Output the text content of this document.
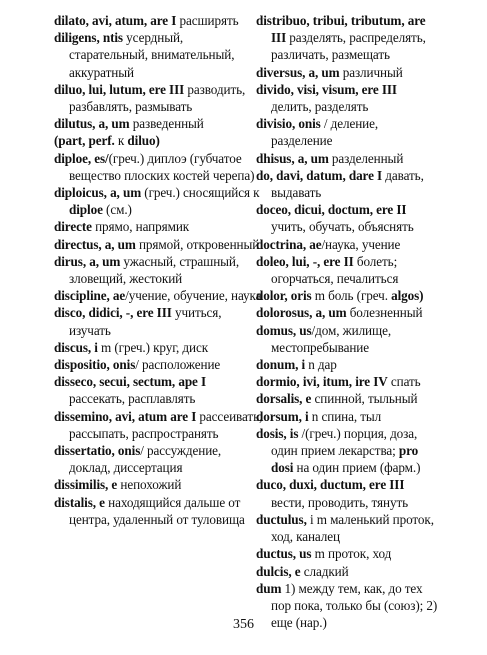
dilato, avi, atum, are I расширять
diligens, ntis усердный, старательный, внимательный, аккуратный
diluo, lui, lutum, ere III разводить, разбавлять, размывать
dilutus, a, um разведенный
(part, perf. к diluo)
diploe, es/(греч.) диплоэ (губчатое вещество плоских костей черепа)
diploicus, a, um (греч.) сносящийся к diploe (см.)
directe прямо, напрямик
directus, a, um прямой, откровенный
dirus, a, um ужасный, страшный, зловещий, жестокий
discipline, ae/учение, обучение, наука
disco, didici, -, ere III учиться, изучать
discus, i m (греч.) круг, диск
dispositio, onis/ расположение
disseco, secui, sectum, ape I рассекать, расплавлять
dissemino, avi, atum are I рассеивать, рассыпать, распространять
dissertatio, onis/ рассуждение, доклад, диссертация
dissimilis, e непохожий
distalis, e находящийся дальше от центра, удаленный от туловища
distribuo, tribui, tributum, are III разделять, распределять, различать, размещать
diversus, a, um различный
divido, visi, visum, ere III делить, разделять
divisio, onis / деление, разделение
dhisus, a, um разделенный
do, davi, datum, dare I давать, выдавать
doceo, dicui, doctum, ere II учить, обучать, объяснять
doctrina, ae/наука, учение
doleo, lui, -, ere II болеть; огорчаться, печалиться
dolor, oris m боль (греч. algos)
dolorosus, a, um болезненный
domus, us/дом, жилище, местопребывание
donum, i n дар
dormio, ivi, itum, ire IV спать
dorsalis, e спинной, тыльный
dorsum, i n спина, тыл
dosis, is /(греч.) порция, доза, один прием лекарства; pro dosi на один прием (фарм.)
duco, duxi, ductum, ere III вести, проводить, тянуть
ductulus, i m маленький проток, ход, каналец
ductus, us m проток, ход
dulcis, e сладкий
dum 1) между тем, как, до тех пор пока, только бы (союз); 2) еще (нар.)
356
